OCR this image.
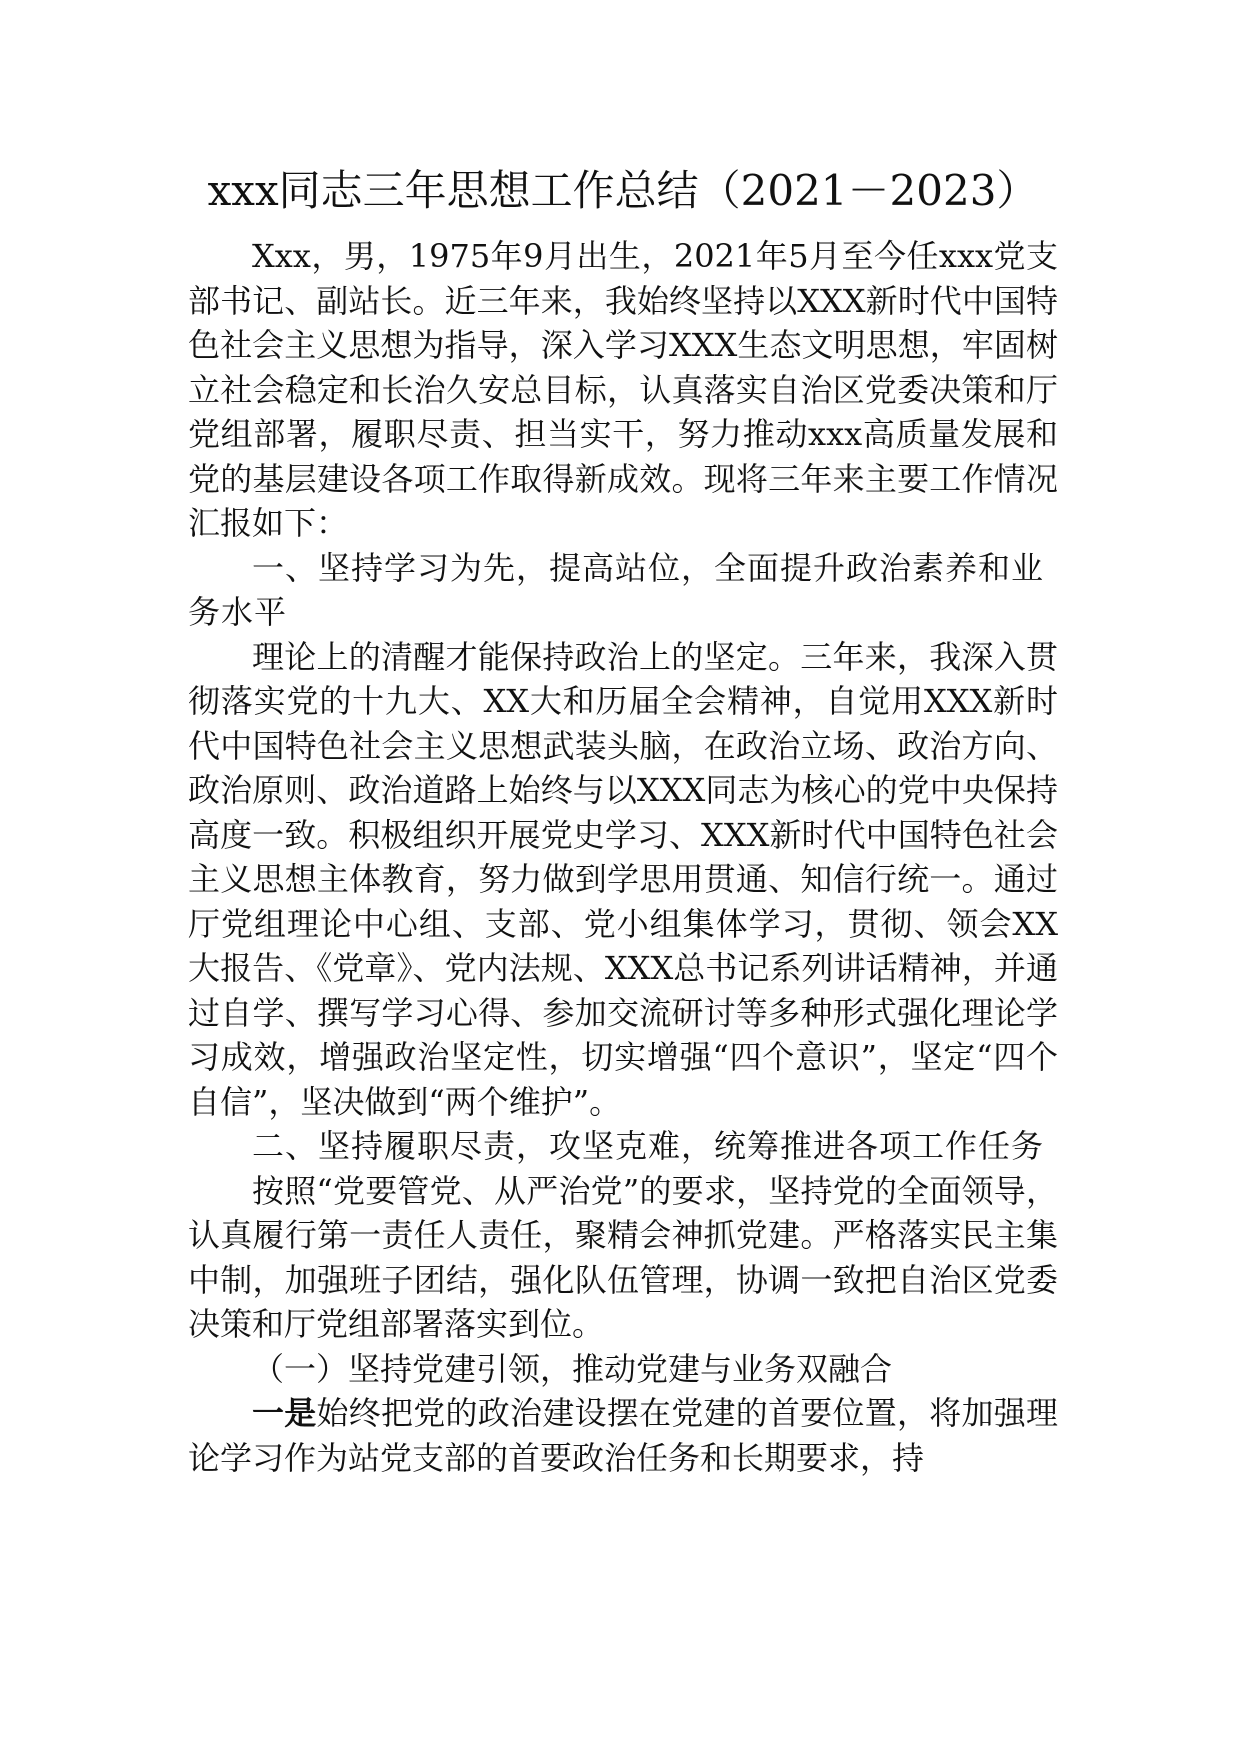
xxx同志三年思想工作总结（2021－2023）

Xxx，男，1975年9月出生，2021年5月至今任xxx党支部书记、副站长。近三年来，我始终坚持以XXX新时代中国特色社会主义思想为指导，深入学习XXX生态文明思想，牢固树立社会稳定和长治久安总目标，认真落实自治区党委决策和厅党组部署，履职尽责、担当实干，努力推动xxx高质量发展和党的基层建设各项工作取得新成效。现将三年来主要工作情况汇报如下：

一、坚持学习为先，提高站位，全面提升政治素养和业务水平

理论上的清醒才能保持政治上的坚定。三年来，我深入贯彻落实党的十九大、XX大和历届全会精神，自觉用XXX新时代中国特色社会主义思想武装头脑，在政治立场、政治方向、政治原则、政治道路上始终与以XXX同志为核心的党中央保持高度一致。积极组织开展党史学习、XXX新时代中国特色社会主义思想主体教育，努力做到学思用贯通、知信行统一。通过厅党组理论中心组、支部、党小组集体学习，贯彻、领会XX大报告、《党章》、党内法规、XXX总书记系列讲话精神，并通过自学、撰写学习心得、参加交流研讨等多种形式强化理论学习成效，增强政治坚定性，切实增强“四个意识”，坚定“四个自信”，坚决做到“两个维护”。

二、坚持履职尽责，攻坚克难，统筹推进各项工作任务

按照“党要管党、从严治党”的要求，坚持党的全面领导，认真履行第一责任人责任，聚精会神抓党建。严格落实民主集中制，加强班子团结，强化队伍管理，协调一致把自治区党委决策和厅党组部署落实到位。

（一）坚持党建引领，推动党建与业务双融合

一是始终把党的政治建设摆在党建的首要位置，将加强理论学习作为站党支部的首要政治任务和长期要求，持
